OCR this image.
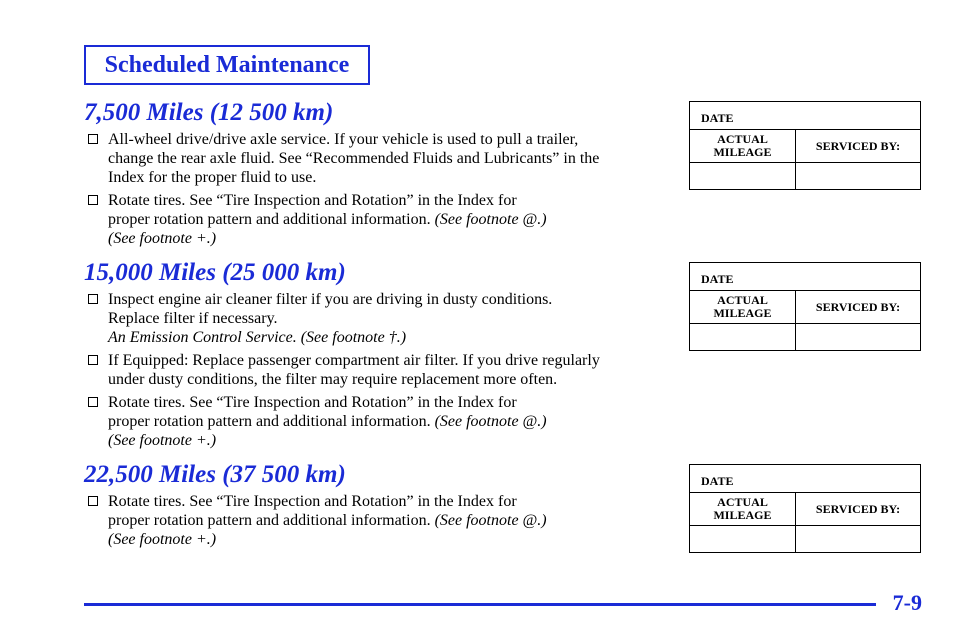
Scheduled Maintenance
7,500 Miles (12 500 km)
All-wheel drive/drive axle service. If your vehicle is used to pull a trailer,
change the rear axle fluid. See “Recommended Fluids and Lubricants” in the
Index for the proper fluid to use.
Rotate tires. See “Tire Inspection and Rotation” in the Index for
proper rotation pattern and additional information. (See footnote @.)
(See footnote +.)
15,000 Miles (25 000 km)
Inspect engine air cleaner filter if you are driving in dusty conditions.
Replace filter if necessary.
An Emission Control Service. (See footnote †.)
If Equipped: Replace passenger compartment air filter. If you drive regularly
under dusty conditions, the filter may require replacement more often.
Rotate tires. See “Tire Inspection and Rotation” in the Index for
proper rotation pattern and additional information. (See footnote @.)
(See footnote +.)
22,500 Miles (37 500 km)
Rotate tires. See “Tire Inspection and Rotation” in the Index for
proper rotation pattern and additional information. (See footnote @.)
(See footnote +.)
DATE
ACTUAL
MILEAGE	SERVICED BY:
DATE
ACTUAL
MILEAGE	SERVICED BY:
DATE
ACTUAL
MILEAGE	SERVICED BY:
7-9
